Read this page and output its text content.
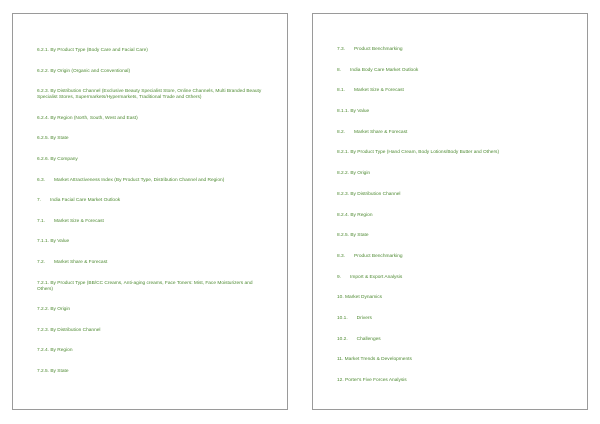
6.2.1. By Product Type (Body Care and Facial Care)
6.2.2. By Origin (Organic and Conventional)
6.2.3. By Distribution Channel (Exclusive Beauty Specialist Store, Online Channels, Multi Branded Beauty Specialist Stores, Supermarkets/Hypermarkets, Traditional Trade and Others)
6.2.4. By Region (North, South, West and East)
6.2.5. By State
6.2.6. By Company
6.3. Market Attractiveness Index (By Product Type, Distribution Channel and Region)
7. India Facial Care Market Outlook
7.1. Market Size & Forecast
7.1.1. By Value
7.2. Market Share & Forecast
7.2.1. By Product Type (BB/CC Creams, Anti-aging creams, Face Toners: Mist, Face Moisturizers and Others)
7.2.2. By Origin
7.2.3. By Distribution Channel
7.2.4. By Region
7.2.5. By State
7.3. Product Benchmarking
8. India Body Care Market Outlook
8.1. Market Size & Forecast
8.1.1. By Value
8.2. Market Share & Forecast
8.2.1. By Product Type (Hand Cream, Body Lotions/Body Butter and Others)
8.2.2. By Origin
8.2.3. By Distribution Channel
8.2.4. By Region
8.2.5. By State
8.3. Product Benchmarking
9. Import & Export Analysis
10. Market Dynamics
10.1. Drivers
10.2. Challenges
11. Market Trends & Developments
12. Porter's Five Forces Analysis
